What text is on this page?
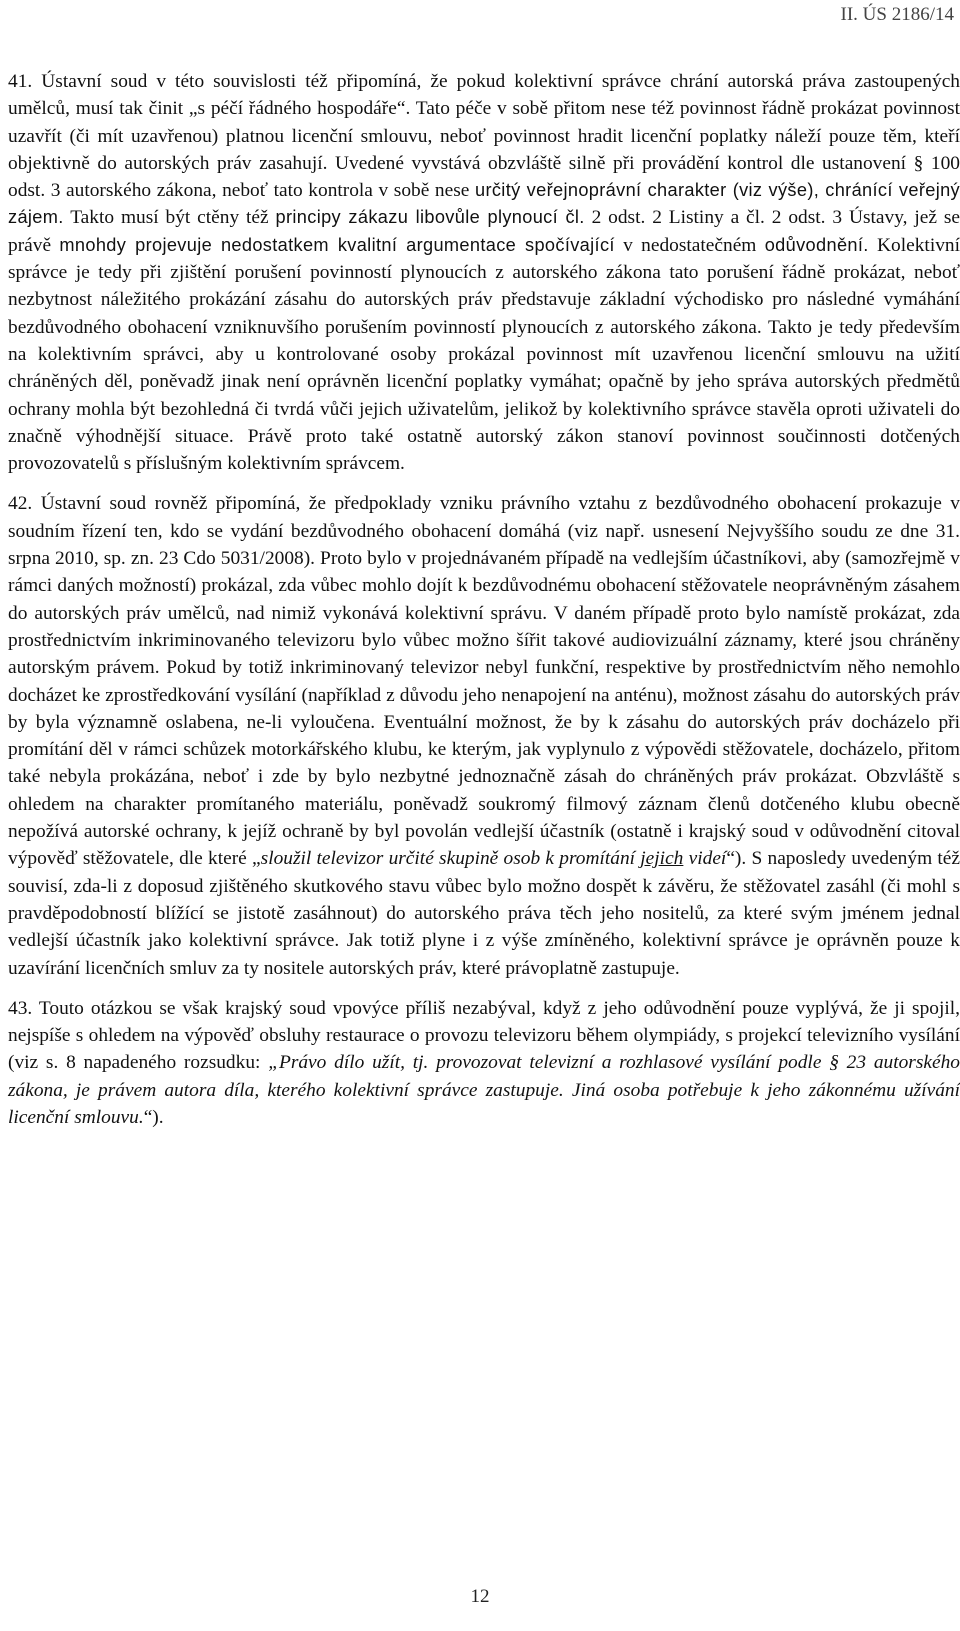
II. ÚS 2186/14

41. Ústavní soud v této souvislosti též připomíná, že pokud kolektivní správce chrání autorská práva zastoupených umělců, musí tak činit „s péčí řádného hospodáře“. Tato péče v sobě přitom nese též povinnost řádně prokázat povinnost uzavřít (či mít uzavřenou) platnou licenční smlouvu, neboť povinnost hradit licenční poplatky náleží pouze těm, kteří objektivně do autorských práv zasahují. Uvedené vyvstává obzvláště silně při provádění kontrol dle ustanovení § 100 odst. 3 autorského zákona, neboť tato kontrola v sobě nese určitý veřejnoprávní charakter (viz výše), chránící veřejný zájem. Takto musí být ctěny též principy zákazu libovůle plynoucí čl. 2 odst. 2 Listiny a čl. 2 odst. 3 Ústavy, jež se právě mnohdy projevuje nedostatkem kvalitní argumentace spočívající v nedostatečném odůvodnění. Kolektivní správce je tedy při zjištění porušení povinností plynoucích z autorského zákona tato porušení řádně prokázat, neboť nezbytnost náležitého prokázání zásahu do autorských práv představuje základní východisko pro následné vymáhání bezdůvodného obohacení vzniknuvšího porušením povinností plynoucích z autorského zákona. Takto je tedy především na kolektivním správci, aby u kontrolované osoby prokázal povinnost mít uzavřenou licenční smlouvu na užití chráněných děl, poněvadž jinak není oprávněn licenční poplatky vymáhat; opačně by jeho správa autorských předmětů ochrany mohla být bezohledná či tvrdá vůči jejich uživatelům, jelikož by kolektivního správce stavěla oproti uživateli do značně výhodnější situace. Právě proto také ostatně autorský zákon stanoví povinnost součinnosti dotčených provozovatelů s příslušným kolektivním správcem.

42. Ústavní soud rovněž připomíná, že předpoklady vzniku právního vztahu z bezdůvodného obohacení prokazuje v soudním řízení ten, kdo se vydání bezdůvodného obohacení domáhá (viz např. usnesení Nejvyššího soudu ze dne 31. srpna 2010, sp. zn. 23 Cdo 5031/2008). Proto bylo v projednávaném případě na vedlejším účastníkovi, aby (samozřejmě v rámci daných možností) prokázal, zda vůbec mohlo dojít k bezdůvodnému obohacení stěžovatele neoprávněným zásahem do autorských práv umělců, nad nimiž vykonává kolektivní správu. V daném případě proto bylo namístě prokázat, zda prostřednictvím inkriminovaného televizoru bylo vůbec možno šířit takové audiovizuální záznamy, které jsou chráněny autorským právem. Pokud by totiž inkriminovaný televizor nebyl funkční, respektive by prostřednictvím něho nemohlo docházet ke zprostředkování vysílání (například z důvodu jeho nenapojení na anténu), možnost zásahu do autorských práv by byla významně oslabena, ne-li vyloučena. Eventuální možnost, že by k zásahu do autorských práv docházelo při promítání děl v rámci schůzek motorkářského klubu, ke kterým, jak vyplynulo z výpovědi stěžovatele, docházelo, přitom také nebyla prokázána, neboť i zde by bylo nezbytné jednoznačně zásah do chráněných práv prokázat. Obzvláště s ohledem na charakter promítaného materiálu, poněvadž soukromý filmový záznam členů dotčeného klubu obecně nepožívá autorské ochrany, k jejíž ochraně by byl povolán vedlejší účastník (ostatně i krajský soud v odůvodnění citoval výpověď stěžovatele, dle které „sloužil televizor určité skupině osob k promítání jejich videí“). S naposledy uvedeným též souvisí, zda-li z doposud zjištěného skutkového stavu vůbec bylo možno dospět k závěru, že stěžovatel zasáhl (či mohl s pravděpodobností blížící se jistotě zasáhnout) do autorského práva těch jeho nositelů, za které svým jménem jednal vedlejší účastník jako kolektivní správce. Jak totiž plyne i z výše zmíněného, kolektivní správce je oprávněn pouze k uzavírání licenčních smluv za ty nositele autorských práv, které právoplatně zastupuje.

43. Touto otázkou se však krajský soud vpovýce příliš nezabýval, když z jeho odůvodnění pouze vyplývá, že ji spojil, nejspíše s ohledem na výpověď obsluhy restaurace o provozu televizoru během olympiády, s projekcí televizního vysílání (viz s. 8 napadeného rozsudku: „Právo dílo užít, tj. provozovat televizní a rozhlasové vysílání podle § 23 autorského zákona, je právem autora díla, kterého kolektivní správce zastupuje. Jiná osoba potřebuje k jeho zákonnému užívání licenční smlouvu.“).

12
